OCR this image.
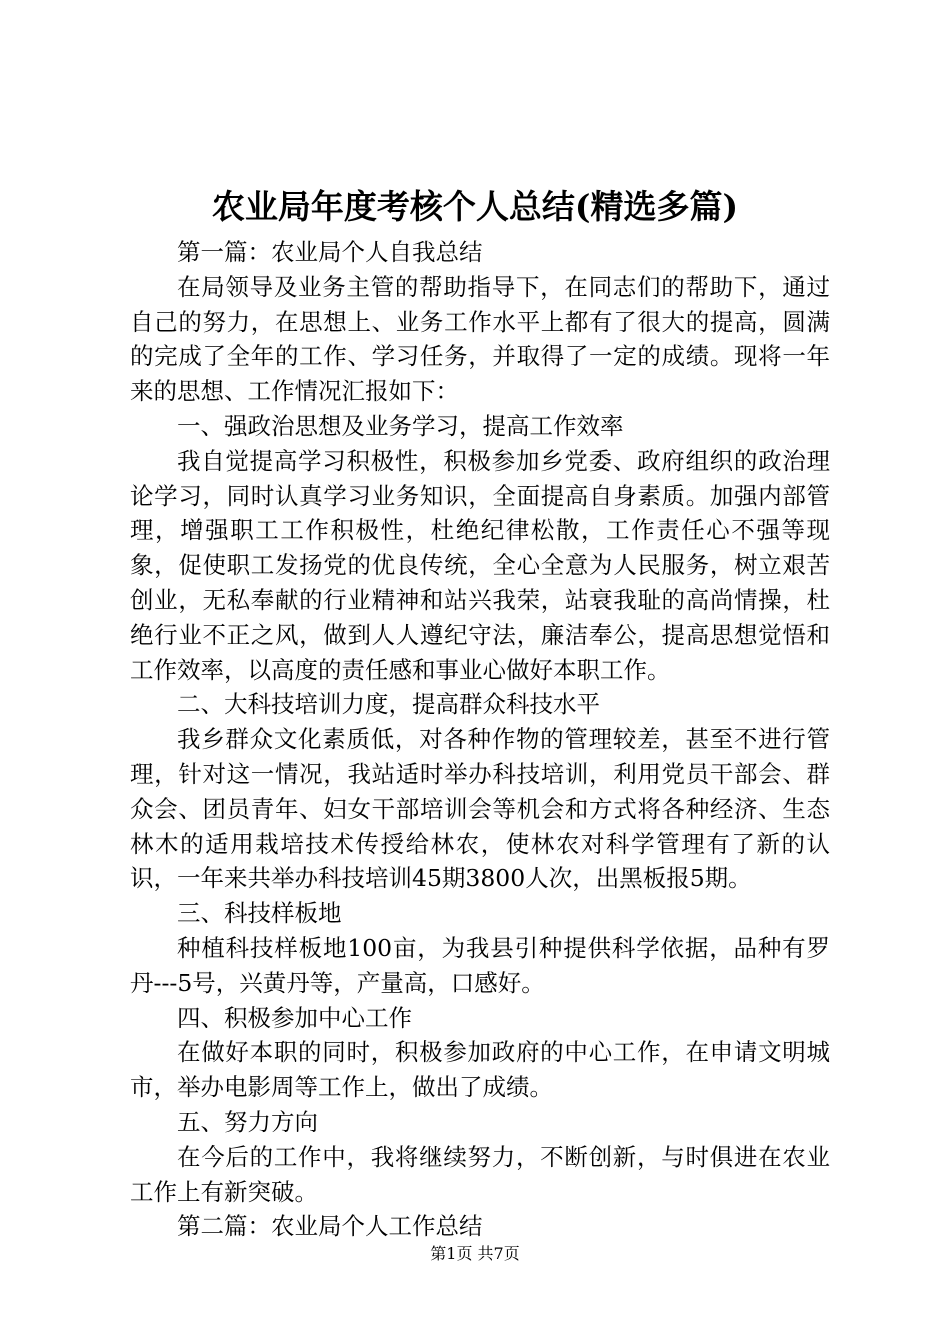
农业局年度考核个人总结(精选多篇)

第一篇：农业局个人自我总结

在局领导及业务主管的帮助指导下，在同志们的帮助下，通过自己的努力，在思想上、业务工作水平上都有了很大的提高，圆满的完成了全年的工作、学习任务，并取得了一定的成绩。现将一年来的思想、工作情况汇报如下：

一、强政治思想及业务学习，提高工作效率

我自觉提高学习积极性，积极参加乡党委、政府组织的政治理论学习，同时认真学习业务知识，全面提高自身素质。加强内部管理，增强职工工作积极性，杜绝纪律松散，工作责任心不强等现象，促使职工发扬党的优良传统，全心全意为人民服务，树立艰苦创业，无私奉献的行业精神和站兴我荣，站衰我耻的高尚情操，杜绝行业不正之风，做到人人遵纪守法，廉洁奉公，提高思想觉悟和工作效率，以高度的责任感和事业心做好本职工作。

二、大科技培训力度，提高群众科技水平

我乡群众文化素质低，对各种作物的管理较差，甚至不进行管理，针对这一情况，我站适时举办科技培训，利用党员干部会、群众会、团员青年、妇女干部培训会等机会和方式将各种经济、生态林木的适用栽培技术传授给林农，使林农对科学管理有了新的认识，一年来共举办科技培训45期3800人次，出黑板报5期。

三、科技样板地

种植科技样板地100亩，为我县引种提供科学依据，品种有罗丹---5号，兴黄丹等，产量高，口感好。

四、积极参加中心工作

在做好本职的同时，积极参加政府的中心工作，在申请文明城市，举办电影周等工作上，做出了成绩。

五、努力方向

在今后的工作中，我将继续努力，不断创新，与时俱进在农业工作上有新突破。

第二篇：农业局个人工作总结

第1页 共7页
